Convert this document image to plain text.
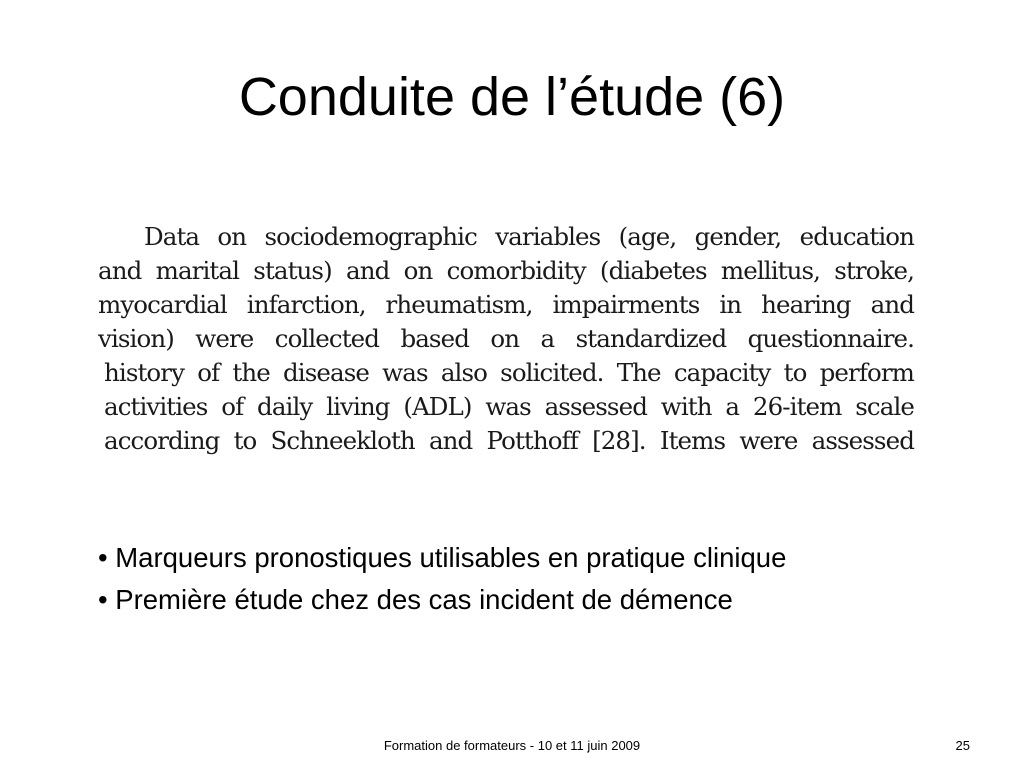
Conduite de l’étude (6)
Data on sociodemographic variables (age, gender, education
and marital status) and on comorbidity (diabetes mellitus, stroke,
myocardial infarction, rheumatism, impairments in hearing and
vision) were collected based on a standardized questionnaire.
history of the disease was also solicited. The capacity to perform
activities of daily living (ADL) was assessed with a 26-item scale
according to Schneekloth and Potthoff [28]. Items were assessed
• Marqueurs pronostiques utilisables en pratique clinique
• Première étude chez des cas incident de démence
Formation de formateurs - 10 et 11 juin 2009	25
